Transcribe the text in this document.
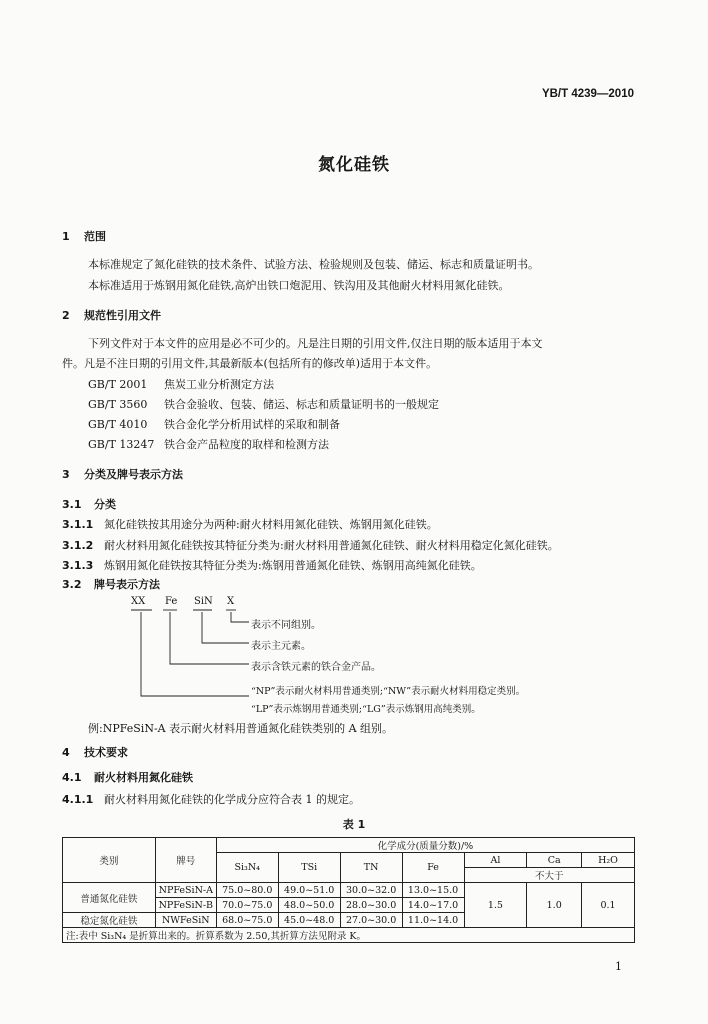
YB/T 4239—2010
氮化硅铁
1 范围
本标准规定了氮化硅铁的技术条件、试验方法、检验规则及包装、储运、标志和质量证明书。
本标准适用于炼钢用氮化硅铁,高炉出铁口炮泥用、铁沟用及其他耐火材料用氮化硅铁。
2 规范性引用文件
下列文件对于本文件的应用是必不可少的。凡是注日期的引用文件,仅注日期的版本适用于本文
件。凡是不注日期的引用文件,其最新版本(包括所有的修改单)适用于本文件。
GB/T 2001 焦炭工业分析测定方法
GB/T 3560 铁合金验收、包装、储运、标志和质量证明书的一般规定
GB/T 4010 铁合金化学分析用试样的采取和制备
GB/T 13247 铁合金产品粒度的取样和检测方法
3 分类及牌号表示方法
3.1 分类
3.1.1 氮化硅铁按其用途分为两种:耐火材料用氮化硅铁、炼钢用氮化硅铁。
3.1.2 耐火材料用氮化硅铁按其特征分类为:耐火材料用普通氮化硅铁、耐火材料用稳定化氮化硅铁。
3.1.3 炼钢用氮化硅铁按其特征分类为:炼钢用普通氮化硅铁、炼钢用高纯氮化硅铁。
3.2 牌号表示方法
XX Fe SiN X
表示不同组别。
表示主元素。
表示含铁元素的铁合金产品。
“NP”表示耐火材料用普通类别;“NW”表示耐火材料用稳定类别。
“LP”表示炼钢用普通类别;“LG”表示炼钢用高纯类别。
例:NPFeSiN-A 表示耐火材料用普通氮化硅铁类别的 A 组别。
4 技术要求
4.1 耐火材料用氮化硅铁
4.1.1 耐火材料用氮化硅铁的化学成分应符合表 1 的规定。
表 1
类别	牌号	化学成分(质量分数)/%						
		Si₃N₄	TSi	TN	Fe	Al	Ca	H₂O
						不大于		
普通氮化硅铁	NPFeSiN-A	75.0~80.0	49.0~51.0	30.0~32.0	13.0~15.0	1.5	1.0	0.1
	NPFeSiN-B	70.0~75.0	48.0~50.0	28.0~30.0	14.0~17.0			
稳定氮化硅铁	NWFeSiN	68.0~75.0	45.0~48.0	27.0~30.0	11.0~14.0			
注:表中 Si₃N₄ 是折算出来的。折算系数为 2.50,其折算方法见附录 K。								
1
